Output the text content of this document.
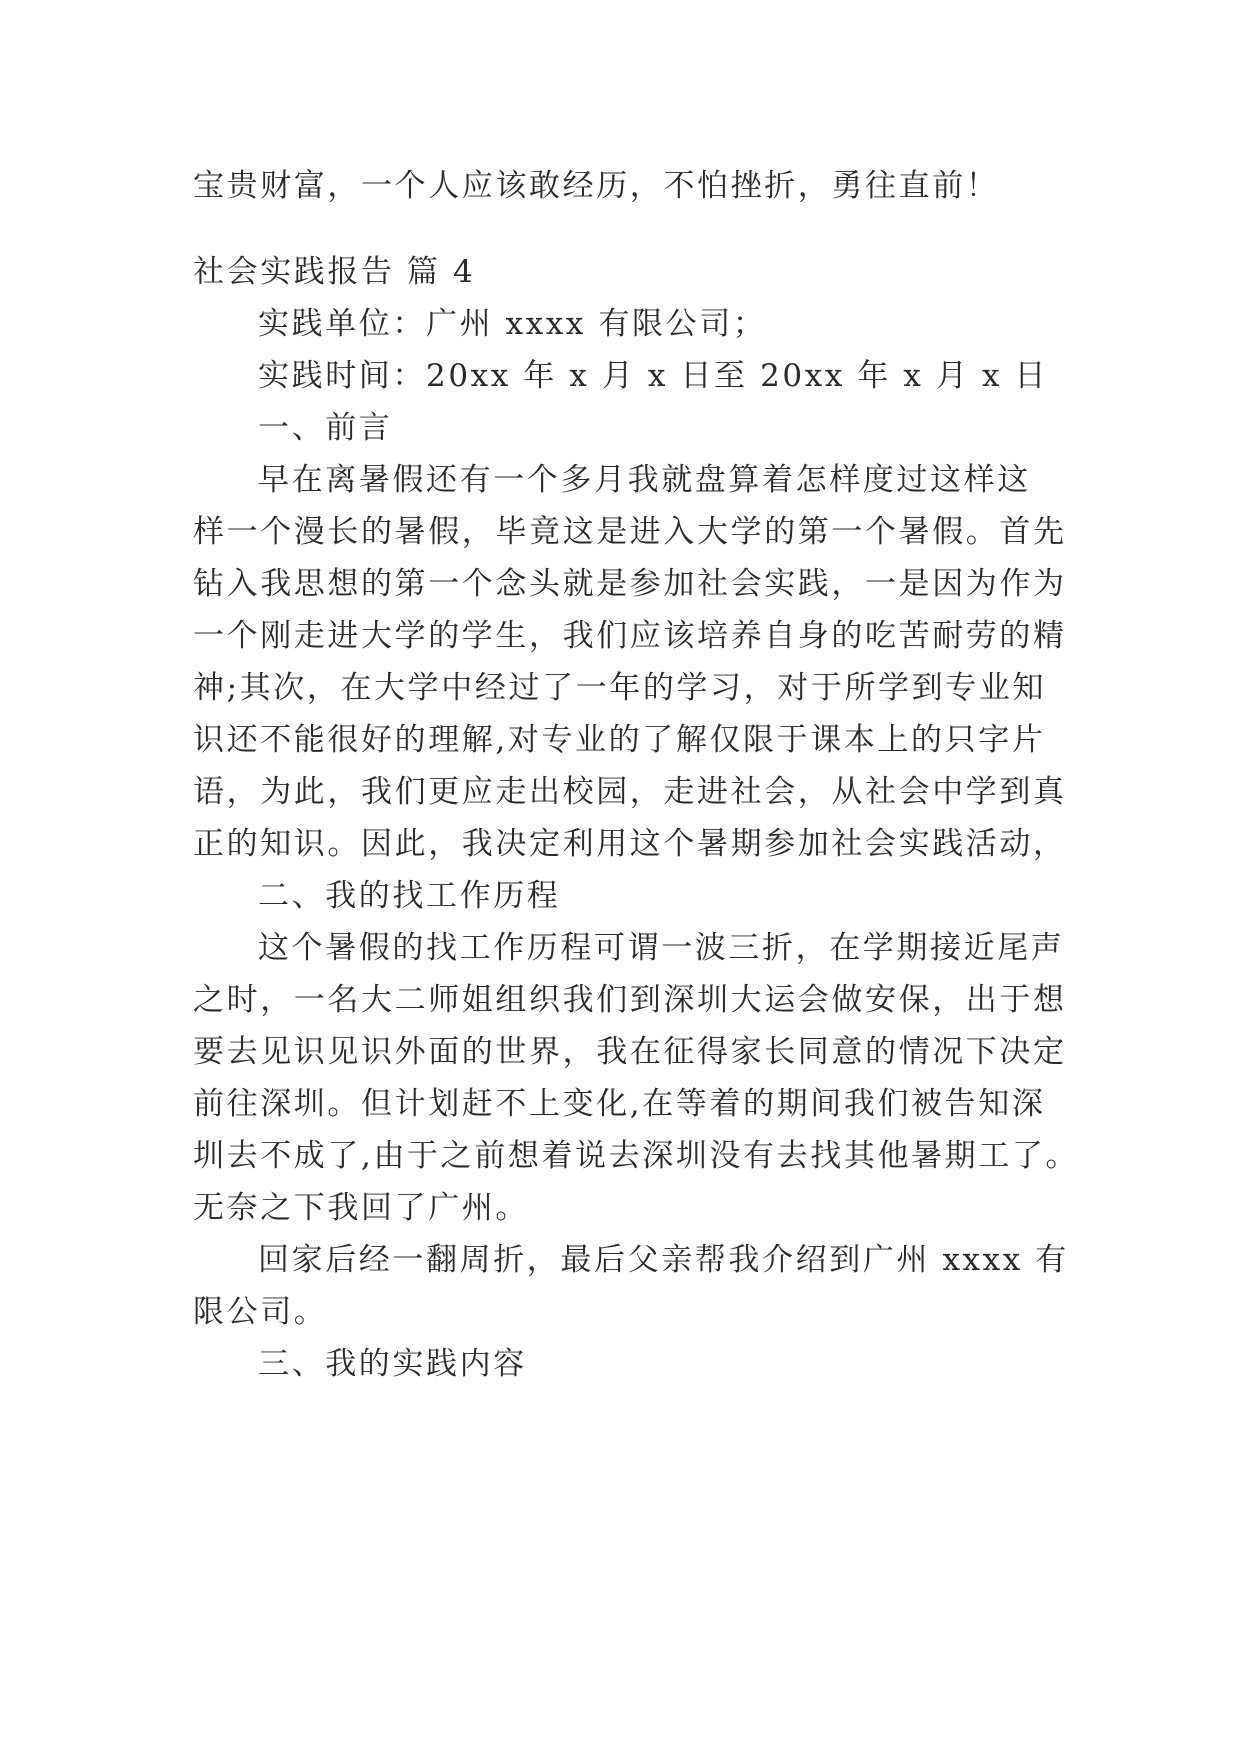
宝贵财富，一个人应该敢经历，不怕挫折，勇往直前！
社会实践报告 篇 4
实践单位：广州 xxxx 有限公司；
实践时间：20xx 年 x 月 x 日至 20xx 年 x 月 x 日
一、前言
早在离暑假还有一个多月我就盘算着怎样度过这样这
样一个漫长的暑假，毕竟这是进入大学的第一个暑假。首先
钻入我思想的第一个念头就是参加社会实践，一是因为作为
一个刚走进大学的学生，我们应该培养自身的吃苦耐劳的精
神;其次，在大学中经过了一年的学习，对于所学到专业知
识还不能很好的理解,对专业的了解仅限于课本上的只字片
语，为此，我们更应走出校园，走进社会，从社会中学到真
正的知识。因此，我决定利用这个暑期参加社会实践活动，
二、我的找工作历程
这个暑假的找工作历程可谓一波三折，在学期接近尾声
之时，一名大二师姐组织我们到深圳大运会做安保，出于想
要去见识见识外面的世界，我在征得家长同意的情况下决定
前往深圳。但计划赶不上变化,在等着的期间我们被告知深
圳去不成了,由于之前想着说去深圳没有去找其他暑期工了。
无奈之下我回了广州。
回家后经一翻周折，最后父亲帮我介绍到广州 xxxx 有
限公司。
三、我的实践内容
